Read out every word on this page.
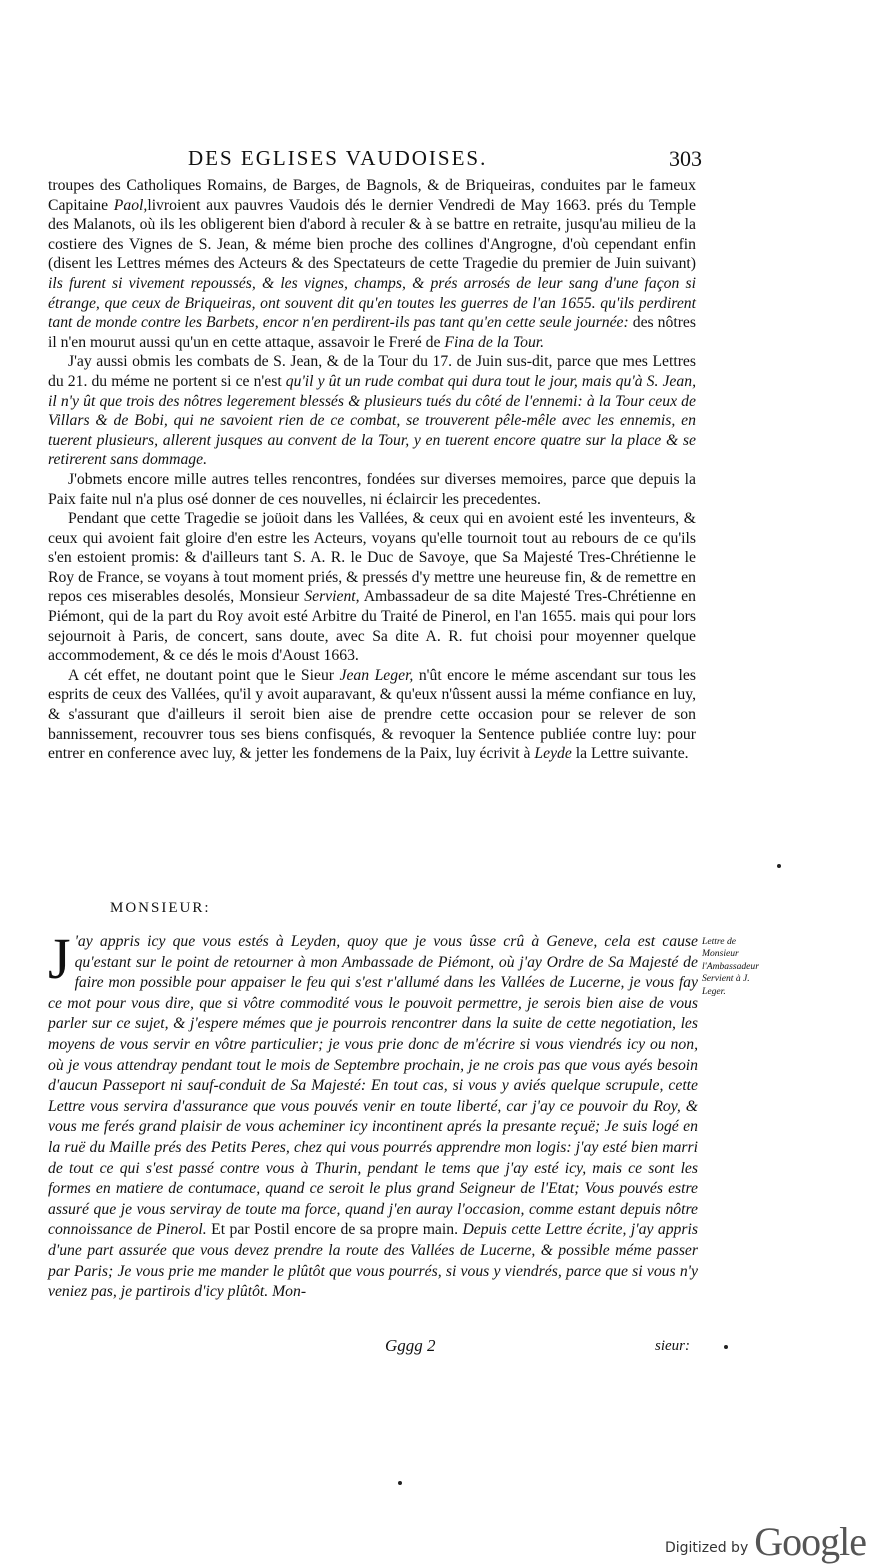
DES EGLISES VAUDOISES.	303

troupes des Catholiques Romains, de Barges, de Bagnols, & de Briqueiras, conduites par le fameux Capitaine Paol,livroient aux pauvres Vaudois dés le dernier Vendredi de May 1663. prés du Temple des Malanots, où ils les obligerent bien d'abord à reculer & à se battre en retraite, jusqu'au milieu de la costiere des Vignes de S. Jean, & méme bien proche des collines d'Angrogne, d'où cependant enfin (disent les Lettres mémes des Acteurs & des Spectateurs de cette Tragedie du premier de Juin suivant) ils furent si vivement repoussés, & les vignes, champs, & prés arrosés de leur sang d'une façon si étrange, que ceux de Briqueiras, ont souvent dit qu'en toutes les guerres de l'an 1655. qu'ils perdirent tant de monde contre les Barbets, encor n'en perdirent-ils pas tant qu'en cette seule journée: des nôtres il n'en mourut aussi qu'un en cette attaque, assavoir le Freré de Fina de la Tour.

J'ay aussi obmis les combats de S. Jean, & de la Tour du 17. de Juin sus-dit, parce que mes Lettres du 21. du méme ne portent si ce n'est qu'il y ût un rude combat qui dura tout le jour, mais qu'à S. Jean, il n'y ût que trois des nôtres legerement blessés & plusieurs tués du côté de l'ennemi: à la Tour ceux de Villars & de Bobi, qui ne savoient rien de ce combat, se trouverent pêle-mêle avec les ennemis, en tuerent plusieurs, allerent jusques au convent de la Tour, y en tuerent encore quatre sur la place & se retirerent sans dommage.

J'obmets encore mille autres telles rencontres, fondées sur diverses memoires, parce que depuis la Paix faite nul n'a plus osé donner de ces nouvelles, ni éclaircir les precedentes.

Pendant que cette Tragedie se joüoit dans les Vallées, & ceux qui en avoient esté les inventeurs, & ceux qui avoient fait gloire d'en estre les Acteurs, voyans qu'elle tournoit tout au rebours de ce qu'ils s'en estoient promis: & d'ailleurs tant S. A. R. le Duc de Savoye, que Sa Majesté Tres-Chrétienne le Roy de France, se voyans à tout moment priés, & pressés d'y mettre une heureuse fin, & de remettre en repos ces miserables desolés, Monsieur Servient, Ambassadeur de sa dite Majesté Tres-Chrétienne en Piémont, qui de la part du Roy avoit esté Arbitre du Traité de Pinerol, en l'an 1655. mais qui pour lors sejournoit à Paris, de concert, sans doute, avec Sa dite A. R. fut choisi pour moyenner quelque accommodement, & ce dés le mois d'Aoust 1663.

A cét effet, ne doutant point que le Sieur Jean Leger, n'ût encore le méme ascendant sur tous les esprits de ceux des Vallées, qu'il y avoit auparavant, & qu'eux n'ûssent aussi la méme confiance en luy, & s'assurant que d'ailleurs il seroit bien aise de prendre cette occasion pour se relever de son bannissement, recouvrer tous ses biens confisqués, & revoquer la Sentence publiée contre luy: pour entrer en conference avec luy, & jetter les fondemens de la Paix, luy écrivit à Leyde la Lettre suivante.

MONSIEUR:
J 'ay appris icy que vous estés à Leyden, quoy que je vous ûsse crû à Geneve, cela est cause qu'estant sur le point de retourner à mon Ambassade de Piémont, où j'ay Ordre de Sa Majesté de faire mon possible pour appaiser le feu qui s'est r'allumé dans les Vallées de Lucerne, je vous fay ce mot pour vous dire, que si vôtre commodité vous le pouvoit permettre, je serois bien aise de vous parler sur ce sujet, & j'espere mémes que je pourrois rencontrer dans la suite de cette negotiation, les moyens de vous servir en vôtre particulier; je vous prie donc de m'écrire si vous viendrés icy ou non, où je vous attendray pendant tout le mois de Septembre prochain, je ne crois pas que vous ayés besoin d'aucun Passeport ni sauf-conduit de Sa Majesté: En tout cas, si vous y aviés quelque scrupule, cette Lettre vous servira d'assurance que vous pouvés venir en toute liberté, car j'ay ce pouvoir du Roy, & vous me ferés grand plaisir de vous acheminer icy incontinent aprés la presante reçuë; Je suis logé en la ruë du Maille prés des Petits Peres, chez qui vous pourrés apprendre mon logis: j'ay esté bien marri de tout ce qui s'est passé contre vous à Thurin, pendant le tems que j'ay esté icy, mais ce sont les formes en matiere de contumace, quand ce seroit le plus grand Seigneur de l'Etat; Vous pouvés estre assuré que je vous serviray de toute ma force, quand j'en auray l'occasion, comme estant depuis nôtre connoissance de Pinerol. Et par Postil encore de sa propre main. Depuis cette Lettre écrite, j'ay appris d'une part assurée que vous devez prendre la route des Vallées de Lucerne, & possible méme passer par Paris; Je vous prie me mander le plûtôt que vous pourrés, si vous y viendrés, parce que si vous n'y veniez pas, je partirois d'icy plûtôt. Mon-

Lettre de Monsieur l'Ambassadeur Servient à J. Leger.
Gggg 2	sieur:
Digitized by Google
